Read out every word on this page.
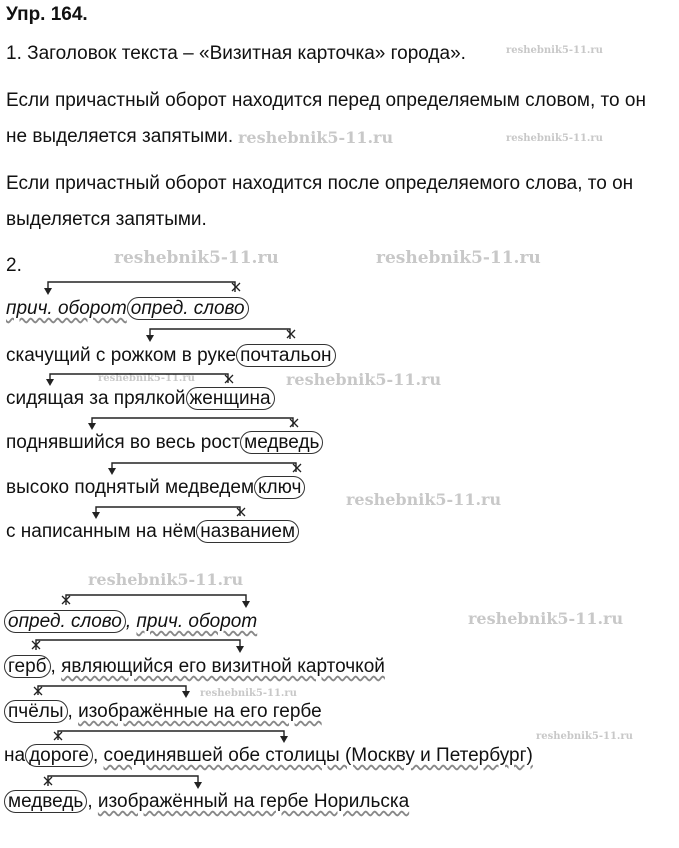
Упр. 164.
1. Заголовок текста – «Визитная карточка» города».	reshebnik5-11.ru
Если причастный оборот находится перед определяемым словом, то он
не выделяется запятыми. reshebnik5-11.ru	reshebnik5-11.ru
Если причастный оборот находится после определяемого слова, то он
выделяется запятыми.
2.	reshebnik5-11.ru	reshebnik5-11.ru
прич. оборот опред. слово
скачущий с рожком в руке почтальон
reshebnik5-11.ru	reshebnik5-11.ru
сидящая за прялкой женщина
поднявшийся во весь рост медведь
высоко поднятый медведем ключ
reshebnik5-11.ru
с написанным на нём названием
reshebnik5-11.ru
reshebnik5-11.ru
опред. слово , прич. оборот
герб , являющийся его визитной карточкой
reshebnik5-11.ru
пчёлы , изображённые на его гербе
reshebnik5-11.ru
на дороге , соединявшей обе столицы (Москву и Петербург)
медведь , изображённый на гербе Норильска
